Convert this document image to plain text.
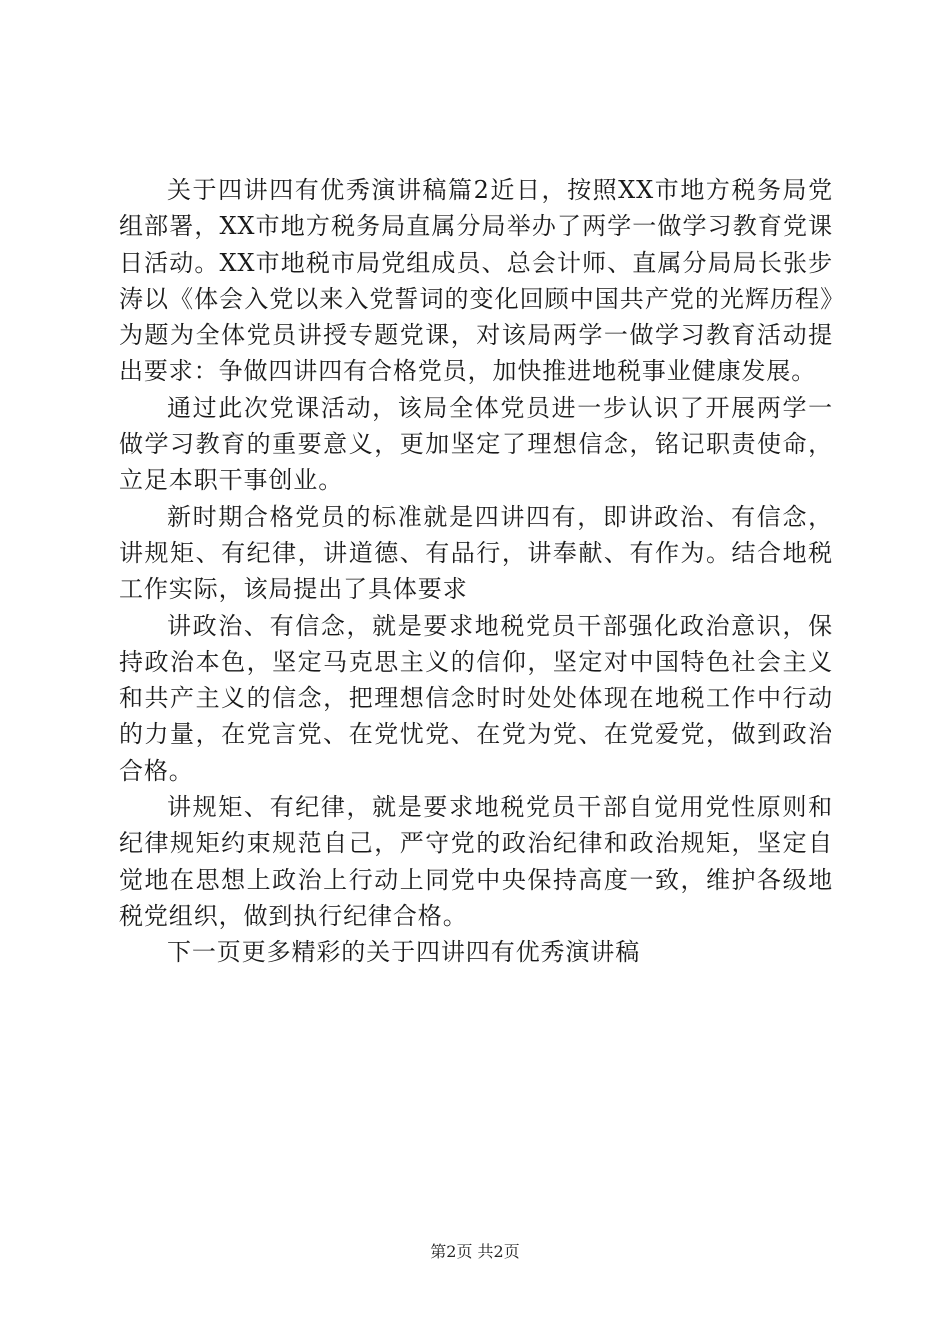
关于四讲四有优秀演讲稿篇2近日，按照XX市地方税务局党组部署，XX市地方税务局直属分局举办了两学一做学习教育党课日活动。XX市地税市局党组成员、总会计师、直属分局局长张步涛以《体会入党以来入党誓词的变化回顾中国共产党的光辉历程》为题为全体党员讲授专题党课，对该局两学一做学习教育活动提出要求：争做四讲四有合格党员，加快推进地税事业健康发展。

通过此次党课活动，该局全体党员进一步认识了开展两学一做学习教育的重要意义，更加坚定了理想信念，铭记职责使命，立足本职干事创业。

新时期合格党员的标准就是四讲四有，即讲政治、有信念，讲规矩、有纪律，讲道德、有品行，讲奉献、有作为。结合地税工作实际，该局提出了具体要求

讲政治、有信念，就是要求地税党员干部强化政治意识，保持政治本色，坚定马克思主义的信仰，坚定对中国特色社会主义和共产主义的信念，把理想信念时时处处体现在地税工作中行动的力量，在党言党、在党忧党、在党为党、在党爱党，做到政治合格。

讲规矩、有纪律，就是要求地税党员干部自觉用党性原则和纪律规矩约束规范自己，严守党的政治纪律和政治规矩，坚定自觉地在思想上政治上行动上同党中央保持高度一致，维护各级地税党组织，做到执行纪律合格。

下一页更多精彩的关于四讲四有优秀演讲稿

第2页 共2页
